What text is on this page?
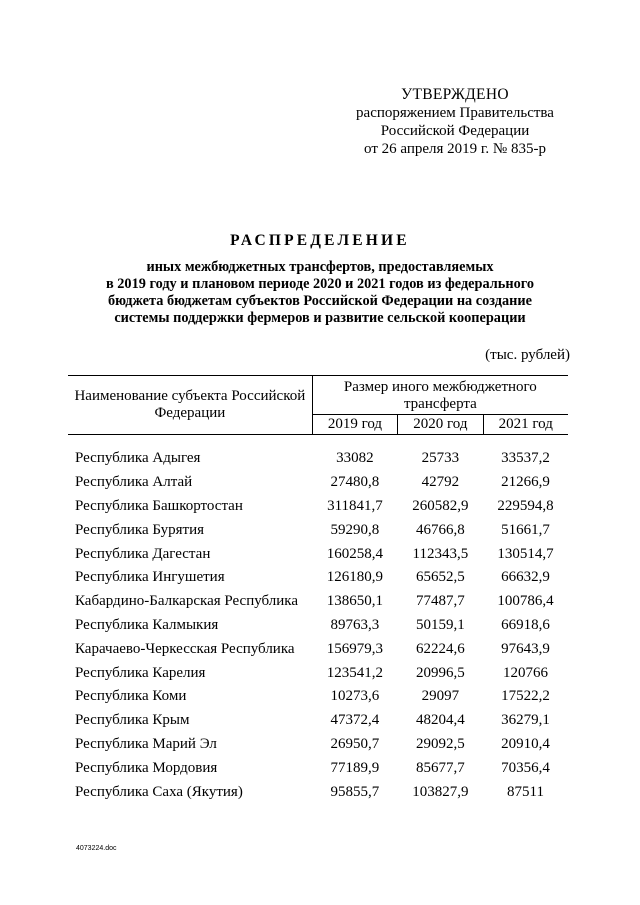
УТВЕРЖДЕНО
распоряжением Правительства
Российской Федерации
от 26 апреля 2019 г. № 835-р
РАСПРЕДЕЛЕНИЕ
иных межбюджетных трансфертов, предоставляемых
в 2019 году и плановом периоде 2020 и 2021 годов из федерального
бюджета бюджетам субъектов Российской Федерации на создание
системы поддержки фермеров и развитие сельской кооперации
(тыс. рублей)
Наименование субъекта Российской Федерации	Размер иного межбюджетного трансферта		
	2019 год	2020 год	2021 год

Республика Адыгея	33082	25733	33537,2
Республика Алтай	27480,8	42792	21266,9
Республика Башкортостан	311841,7	260582,9	229594,8
Республика Бурятия	59290,8	46766,8	51661,7
Республика Дагестан	160258,4	112343,5	130514,7
Республика Ингушетия	126180,9	65652,5	66632,9
Кабардино-Балкарская Республика	138650,1	77487,7	100786,4
Республика Калмыкия	89763,3	50159,1	66918,6
Карачаево-Черкесская Республика	156979,3	62224,6	97643,9
Республика Карелия	123541,2	20996,5	120766
Республика Коми	10273,6	29097	17522,2
Республика Крым	47372,4	48204,4	36279,1
Республика Марий Эл	26950,7	29092,5	20910,4
Республика Мордовия	77189,9	85677,7	70356,4
Республика Саха (Якутия)	95855,7	103827,9	87511
4073224.doc
